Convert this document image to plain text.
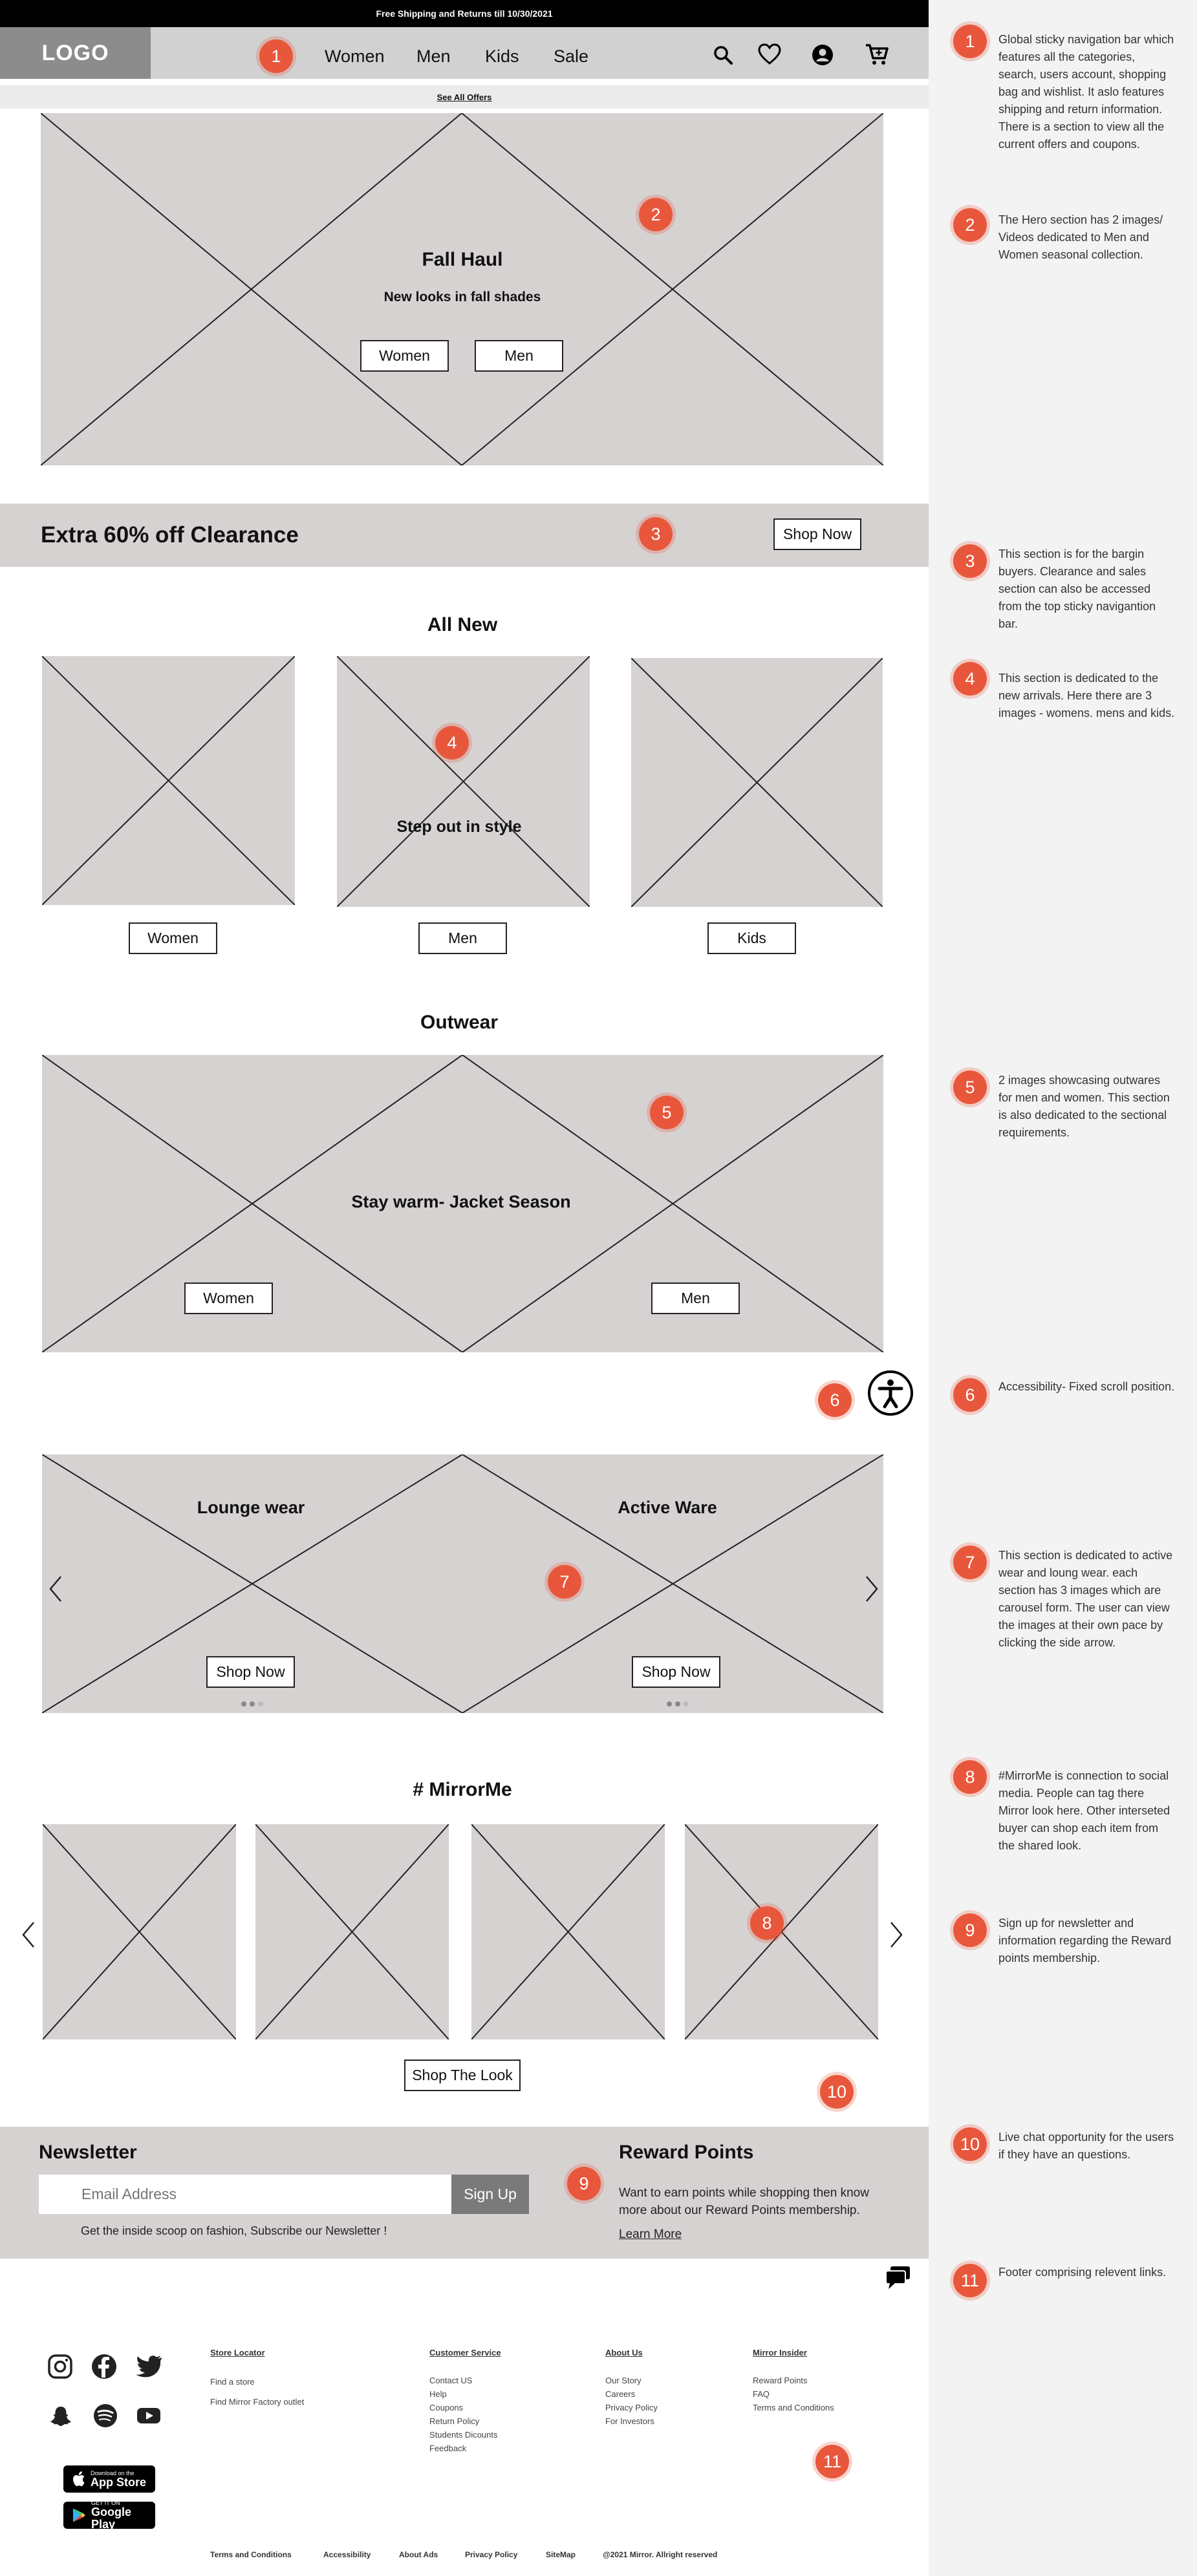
Free Shipping and Returns till 10/30/2021
LOGO	Women Men Kids Sale
See All Offers
Fall Haul
New looks in fall shades
Women	Men
Extra 60% off Clearance	Shop Now
All New
Step out in style
Women	Men	Kids
Outwear
Stay warm- Jacket Season
Women	Men
Lounge wear	Active Ware
Shop Now	Shop Now
# MirrorMe
Shop The Look
Newsletter
Email Address
Sign Up
Get the inside scoop on fashion, Subscribe our Newsletter !
Reward Points
Want to earn points while shopping then know
more about our Reward Points membership.
Learn More
Download on the
App Store
GET IT ON
Google Play
Store Locator
Find a store
Find Mirror Factory outlet
Customer Service
Contact US
Help
Coupons
Return Policy
Students Dicounts
Feedback
About Us
Our Story
Careers
Privacy Policy
For Investors
Mirror Insider
Reward Points
FAQ
Terms and Conditions
Terms and Conditions	Accessibility	About Ads	Privacy Policy	SiteMap	@2021 Mirror. Allright reserved
1
2
3
4
5
6
7
8
9
10
11
1	Global sticky navigation bar which features all the categories, search, users account, shopping bag and wishlist. It aslo features shipping and return information. There is a section to view all the current offers and coupons.
2	The Hero section has 2 images/ Videos dedicated to Men and Women seasonal collection.
3	This section is for the bargin buyers. Clearance and sales section can also be accessed from the top sticky navigantion bar.
4	This section is dedicated to the new arrivals. Here there are 3 images - womens. mens and kids.
5	2 images showcasing outwares for men and women. This section is also dedicated to the sectional requirements.
6	Accessibility- Fixed scroll position.
7	This section is dedicated to active wear and loung wear. each section has 3 images which are carousel form. The user can view the images at their own pace by clicking the side arrow.
8	#MirrorMe is connection to social media. People can tag there Mirror look here. Other interseted buyer can shop each item from the shared look.
9	Sign up for newsletter and information regarding the Reward points membership.
10	Live chat opportunity for the users if they have an questions.
11	Footer comprising relevent links.
